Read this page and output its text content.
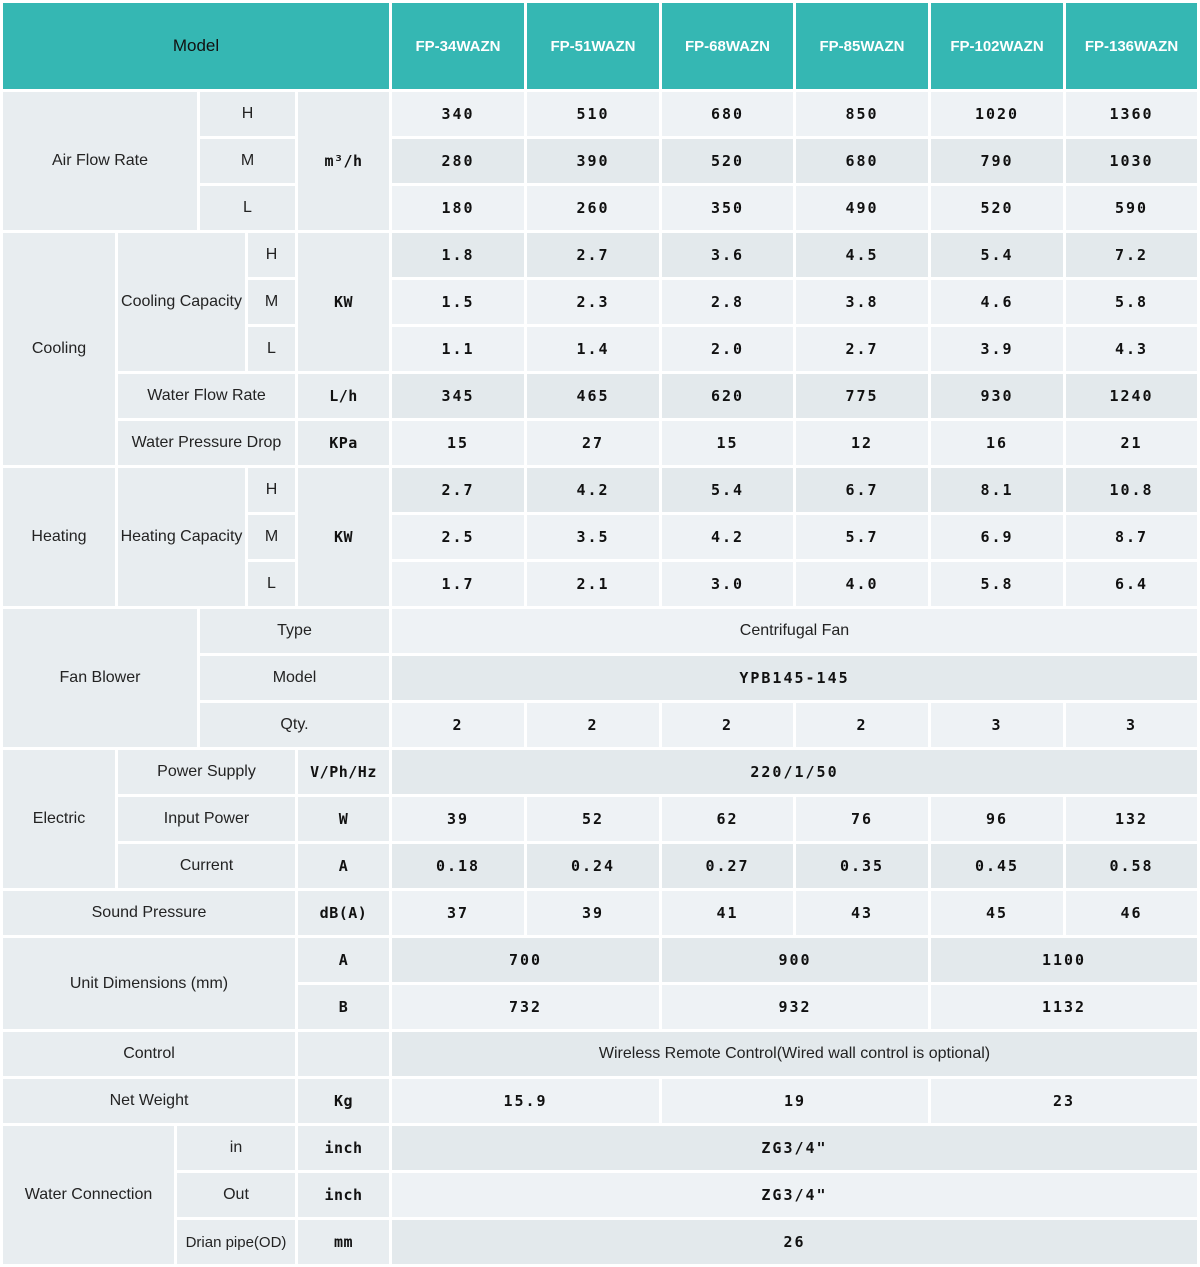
Model						FP-34WAZN	FP-51WAZN	FP-68WAZN	FP-85WAZN	FP-102WAZN	FP-136WAZN
Air Flow Rate			H		m³/h	340	510	680	850	1020	1360
			M			280	390	520	680	790	1030
			L			180	260	350	490	520	590
Cooling	Cooling Capacity			H	KW	1.8	2.7	3.6	4.5	5.4	7.2
				M		1.5	2.3	2.8	3.8	4.6	5.8
				L		1.1	1.4	2.0	2.7	3.9	4.3
	Water Flow Rate				L/h	345	465	620	775	930	1240
	Water Pressure Drop				KPa	15	27	15	12	16	21
Heating	Heating Capacity			H	KW	2.7	4.2	5.4	6.7	8.1	10.8
				M		2.5	3.5	4.2	5.7	6.9	8.7
				L		1.7	2.1	3.0	4.0	5.8	6.4
Fan Blower			Type			Centrifugal Fan					
			Model			YPB145-145					
			Qty.			2	2	2	2	3	3
Electric	Power Supply				V/Ph/Hz	220/1/50					
	Input Power				W	39	52	62	76	96	132
	Current				A	0.18	0.24	0.27	0.35	0.45	0.58
Sound Pressure					dB(A)	37	39	41	43	45	46
Unit Dimensions (mm)					A	700		900		1100	
					B	732		932		1132	
Control						Wireless Remote Control(Wired wall control is optional)					
Net Weight					Kg	15.9		19		23	
Water Connection		in			inch	ZG3/4"					
		Out			inch	ZG3/4"					
		Drian pipe(OD)			mm	26					
